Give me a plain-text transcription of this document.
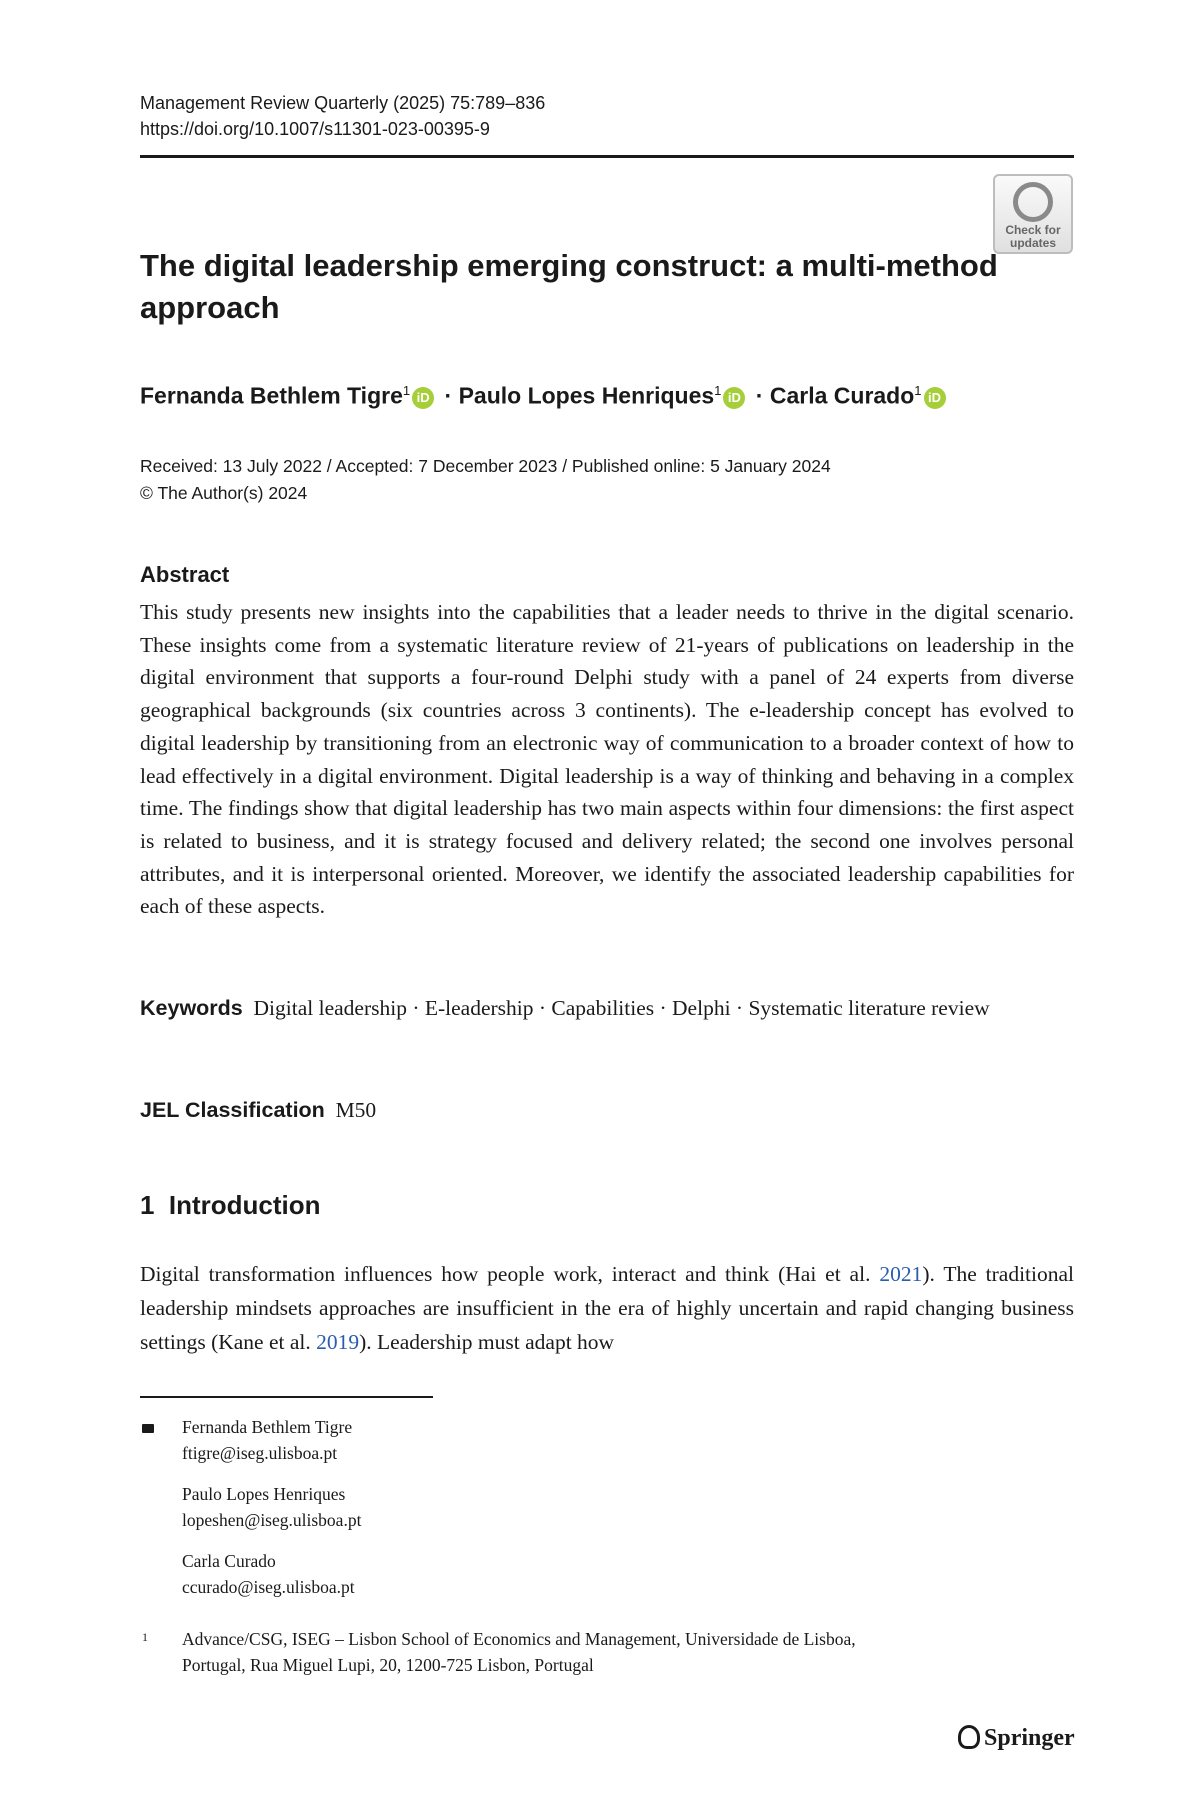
Management Review Quarterly (2025) 75:789–836
https://doi.org/10.1007/s11301-023-00395-9
Check for
updates
The digital leadership emerging construct: a multi-method approach
Fernanda Bethlem Tigre$^1$ iD · Paulo Lopes Henriques$^1$ iD · Carla Curado$^1$ iD
Received: 13 July 2022 / Accepted: 7 December 2023 / Published online: 5 January 2024
© The Author(s) 2024
Abstract
This study presents new insights into the capabilities that a leader needs to thrive in the digital scenario. These insights come from a systematic literature review of 21-years of publications on leadership in the digital environment that supports a four-round Delphi study with a panel of 24 experts from diverse geographical backgrounds (six countries across 3 continents). The e-leadership concept has evolved to digital leadership by transitioning from an electronic way of communication to a broader context of how to lead effectively in a digital environment. Digital leadership is a way of thinking and behaving in a complex time. The findings show that digital leadership has two main aspects within four dimensions: the first aspect is related to business, and it is strategy focused and delivery related; the second one involves personal attributes, and it is interpersonal oriented. Moreover, we identify the associated leadership capabilities for each of these aspects.
Keywords Digital leadership · E-leadership · Capabilities · Delphi · Systematic literature review
JEL Classification M50
1  Introduction
Digital transformation influences how people work, interact and think (Hai et al. 2021). The traditional leadership mindsets approaches are insufficient in the era of highly uncertain and rapid changing business settings (Kane et al. 2019). Leadership must adapt how
Fernanda Bethlem Tigre
ftigre@iseg.ulisboa.pt
Paulo Lopes Henriques
lopeshen@iseg.ulisboa.pt
Carla Curado
ccurado@iseg.ulisboa.pt
1 Advance/CSG, ISEG – Lisbon School of Economics and Management, Universidade de Lisboa,
Portugal, Rua Miguel Lupi, 20, 1200-725 Lisbon, Portugal
Springer
